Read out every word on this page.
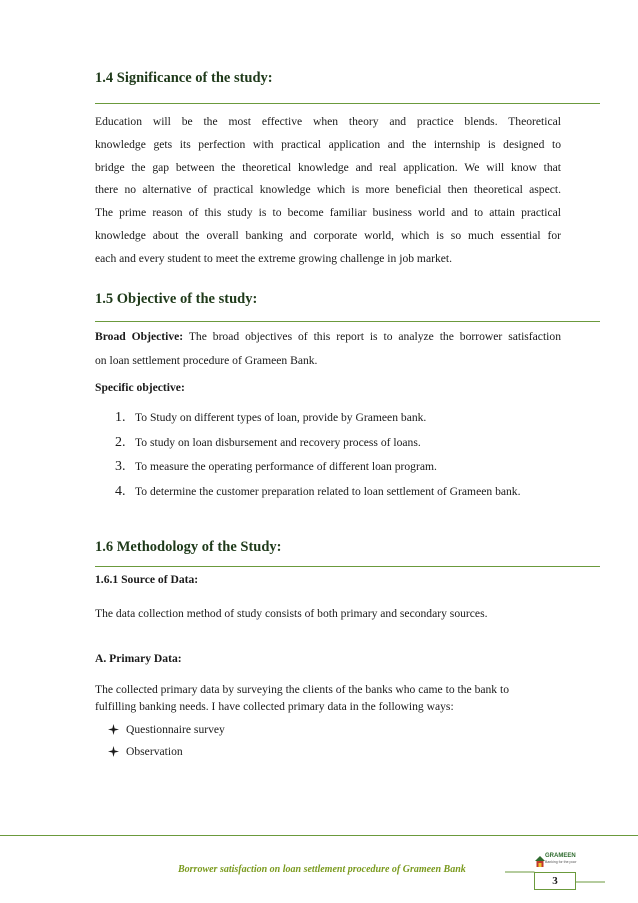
1.4 Significance of the study:
Education will be the most effective when theory and practice blends. Theoretical
knowledge gets its perfection with practical application and the internship is designed to
bridge the gap between the theoretical knowledge and real application. We will know that
there no alternative of practical knowledge which is more beneficial then theoretical aspect.
The prime reason of this study is to become familiar business world and to attain practical
knowledge about the overall banking and corporate world, which is so much essential for
each and every student to meet the extreme growing challenge in job market.
1.5 Objective of the study:
Broad Objective: The broad objectives of this report is to analyze the borrower satisfaction
on loan settlement procedure of Grameen Bank.

Specific objective:

1. To Study on different types of loan, provide by Grameen bank.
2. To study on loan disbursement and recovery process of loans.
3. To measure the operating performance of different loan program.
4. To determine the customer preparation related to loan settlement of Grameen bank.
1.6 Methodology of the Study:

1.6.1 Source of Data:

The data collection method of study consists of both primary and secondary sources.

A. Primary Data:

The collected primary data by surveying the clients of the banks who came to the bank to
fulfilling banking needs. I have collected primary data in the following ways:
Questionnaire survey
Observation
GRAMEEN
Banking for the poor
Borrower satisfaction on loan settlement procedure of Grameen Bank
3
